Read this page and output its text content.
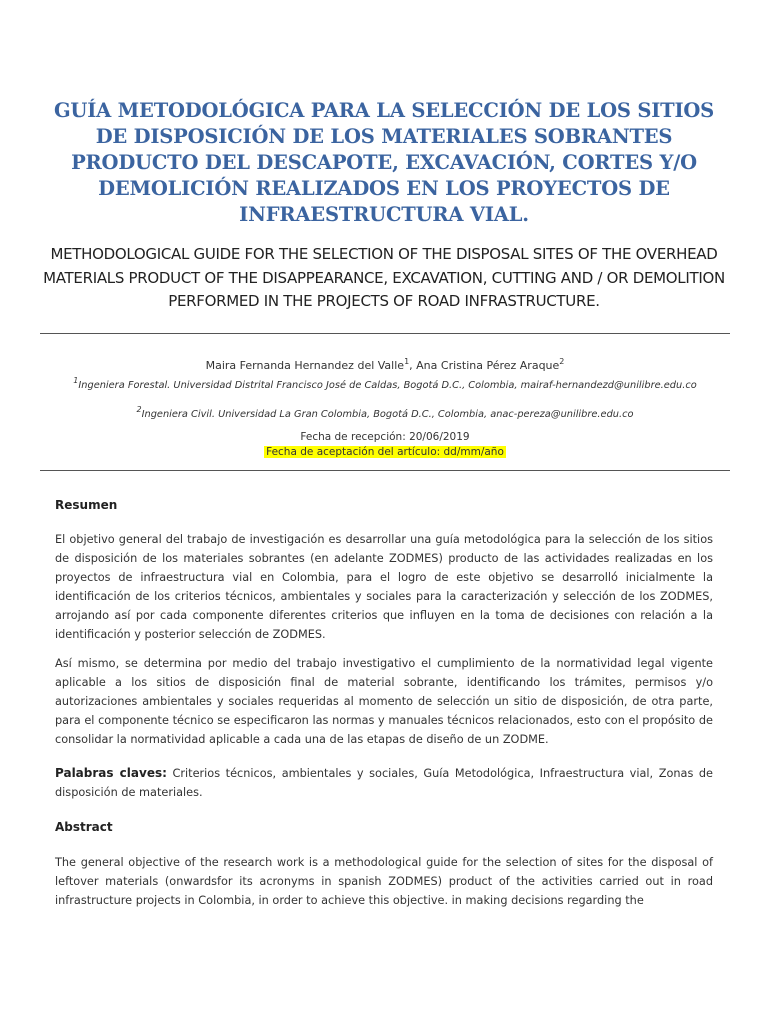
GUÍA METODOLÓGICA PARA LA SELECCIÓN DE LOS SITIOS DE DISPOSICIÓN DE LOS MATERIALES SOBRANTES PRODUCTO DEL DESCAPOTE, EXCAVACIÓN, CORTES Y/O DEMOLICIÓN REALIZADOS EN LOS PROYECTOS DE INFRAESTRUCTURA VIAL.
METHODOLOGICAL GUIDE FOR THE SELECTION OF THE DISPOSAL SITES OF THE OVERHEAD MATERIALS PRODUCT OF THE DISAPPEARANCE, EXCAVATION, CUTTING AND / OR DEMOLITION PERFORMED IN THE PROJECTS OF ROAD INFRASTRUCTURE.
Maira Fernanda Hernandez del Valle$^1$, Ana Cristina Pérez Araque$^2$
$^1$Ingeniera Forestal. Universidad Distrital Francisco José de Caldas, Bogotá D.C., Colombia, mairaf-hernandezd@unilibre.edu.co
$^2$Ingeniera Civil. Universidad La Gran Colombia, Bogotá D.C., Colombia, anac-pereza@unilibre.edu.co
Fecha de recepción: 20/06/2019
Fecha de aceptación del artículo: dd/mm/año
Resumen

El objetivo general del trabajo de investigación es desarrollar una guía metodológica para la selección de los sitios de disposición de los materiales sobrantes (en adelante ZODMES) producto de las actividades realizadas en los proyectos de infraestructura vial en Colombia, para el logro de este objetivo se desarrolló inicialmente la identificación de los criterios técnicos, ambientales y sociales para la caracterización y selección de los ZODMES, arrojando así por cada componente diferentes criterios que influyen en la toma de decisiones con relación a la identificación y posterior selección de ZODMES.

Así mismo, se determina por medio del trabajo investigativo el cumplimiento de la normatividad legal vigente aplicable a los sitios de disposición final de material sobrante, identificando los trámites, permisos y/o autorizaciones ambientales y sociales requeridas al momento de selección un sitio de disposición, de otra parte, para el componente técnico se especificaron las normas y manuales técnicos relacionados, esto con el propósito de consolidar la normatividad aplicable a cada una de las etapas de diseño de un ZODME.

Palabras claves: Criterios técnicos, ambientales y sociales, Guía Metodológica, Infraestructura vial, Zonas de disposición de materiales.

Abstract

The general objective of the research work is a methodological guide for the selection of sites for the disposal of leftover materials (onwardsfor its acronyms in spanish ZODMES) product of the activities carried out in road infrastructure projects in Colombia, in order to achieve this objective. in making decisions regarding the
